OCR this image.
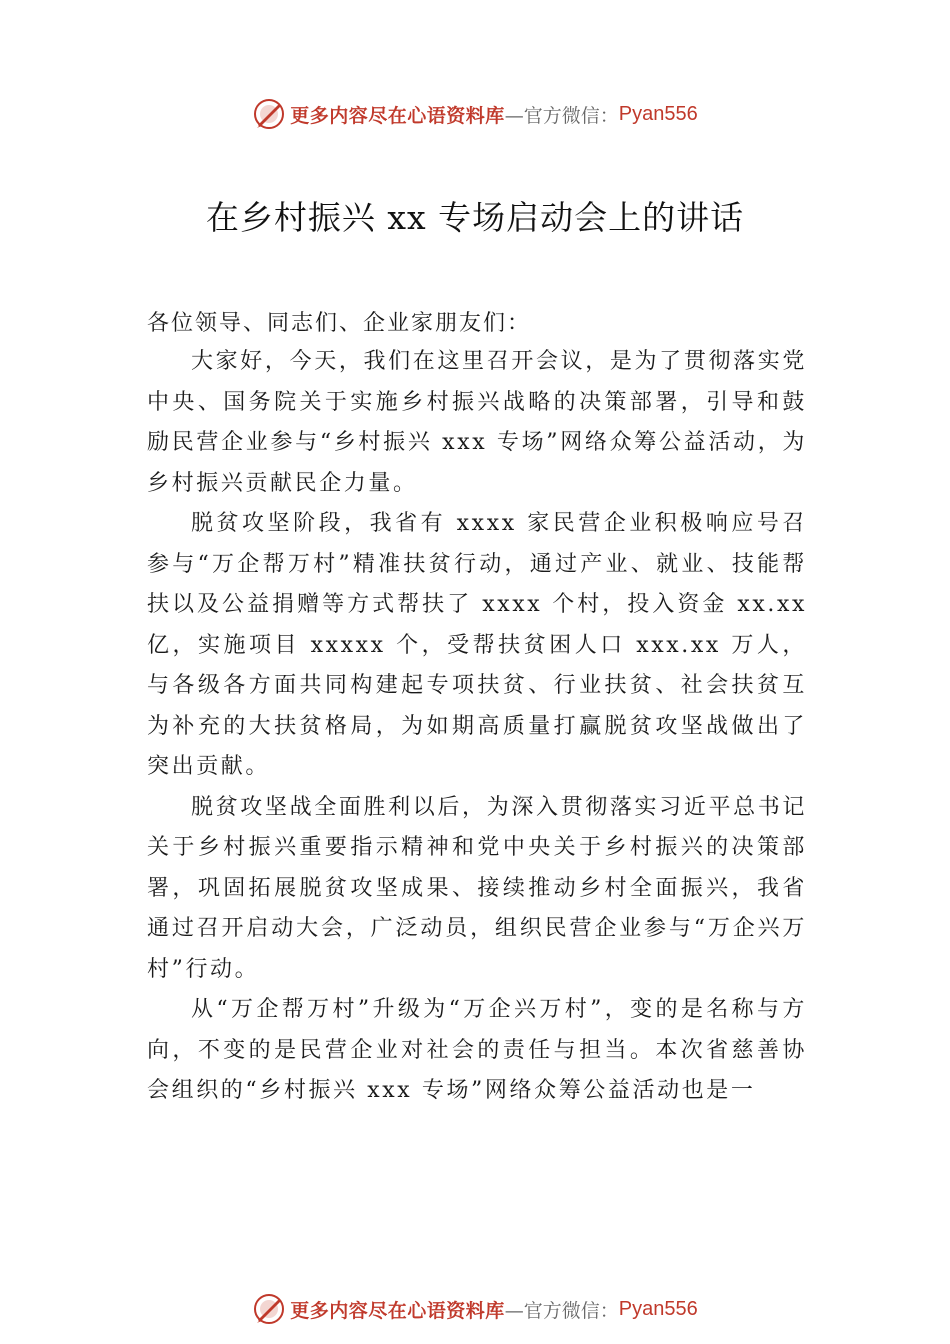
更多内容尽在心语资料库 —官方微信： Pyan556
在乡村振兴 xx 专场启动会上的讲话
各位领导、同志们、企业家朋友们：

大家好，今天，我们在这里召开会议，是为了贯彻落实党中央、国务院关于实施乡村振兴战略的决策部署，引导和鼓励民营企业参与“乡村振兴 xxx 专场”网络众筹公益活动，为乡村振兴贡献民企力量。

脱贫攻坚阶段，我省有 xxxx 家民营企业积极响应号召参与“万企帮万村”精准扶贫行动，通过产业、就业、技能帮扶以及公益捐赠等方式帮扶了 xxxx 个村，投入资金 xx.xx 亿，实施项目 xxxxx 个，受帮扶贫困人口 xxx.xx 万人，与各级各方面共同构建起专项扶贫、行业扶贫、社会扶贫互为补充的大扶贫格局，为如期高质量打赢脱贫攻坚战做出了突出贡献。

脱贫攻坚战全面胜利以后，为深入贯彻落实习近平总书记关于乡村振兴重要指示精神和党中央关于乡村振兴的决策部署，巩固拓展脱贫攻坚成果、接续推动乡村全面振兴，我省通过召开启动大会，广泛动员，组织民营企业参与“万企兴万村”行动。

从“万企帮万村”升级为“万企兴万村”，变的是名称与方向，不变的是民营企业对社会的责任与担当。本次省慈善协会组织的“乡村振兴 xxx 专场”网络众筹公益活动也是一

更多内容尽在心语资料库 —官方微信： Pyan556
